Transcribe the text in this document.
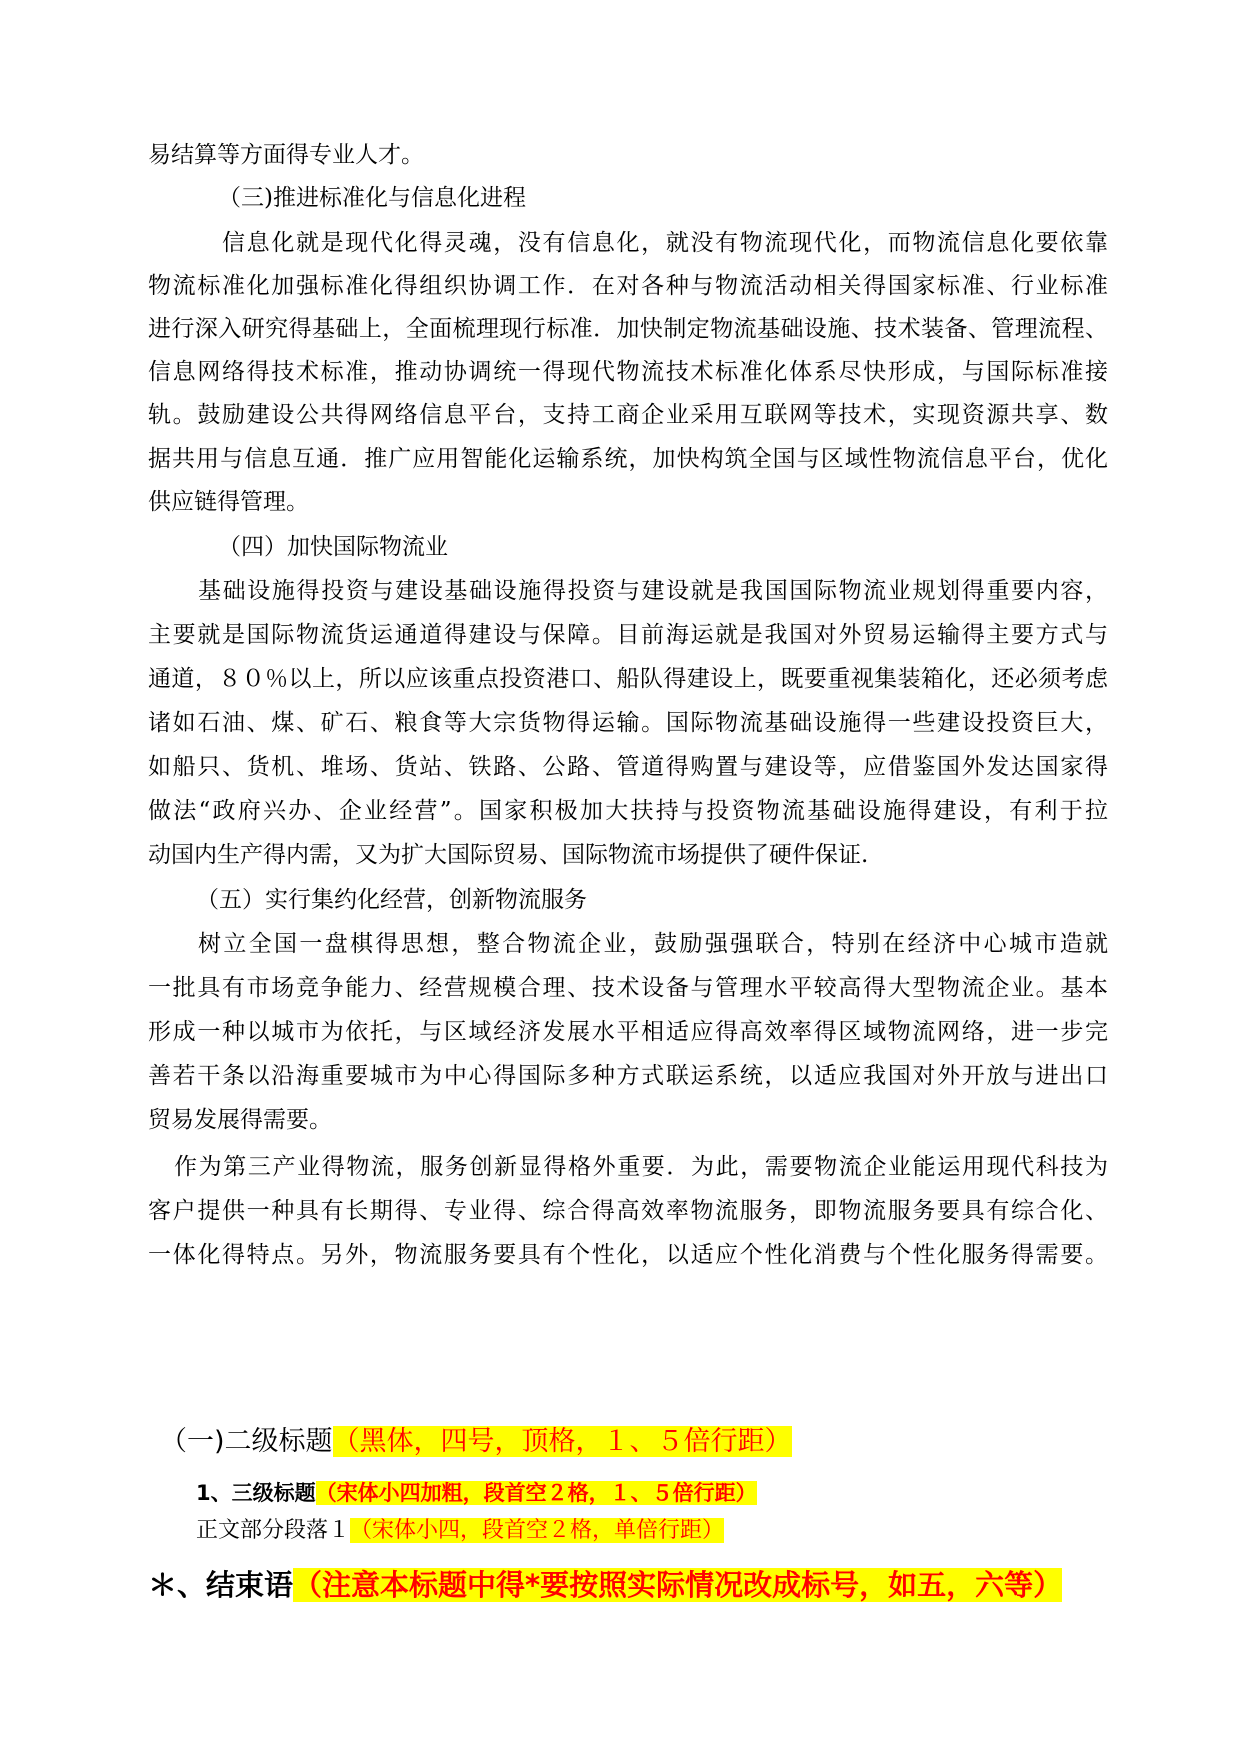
易结算等方面得专业人才。
（三)推进标准化与信息化进程
信息化就是现代化得灵魂，没有信息化，就没有物流现代化，而物流信息化要依靠
物流标准化加强标准化得组织协调工作．在对各种与物流活动相关得国家标准、行业标准
进行深入研究得基础上，全面梳理现行标准．加快制定物流基础设施、技术装备、管理流程、
信息网络得技术标准，推动协调统一得现代物流技术标准化体系尽快形成，与国际标准接
轨。鼓励建设公共得网络信息平台，支持工商企业采用互联网等技术，实现资源共享、数
据共用与信息互通．推广应用智能化运输系统，加快构筑全国与区域性物流信息平台，优化
供应链得管理。
（四）加快国际物流业
基础设施得投资与建设基础设施得投资与建设就是我国国际物流业规划得重要内容，
主要就是国际物流货运通道得建设与保障。目前海运就是我国对外贸易运输得主要方式与
通道，８０％以上，所以应该重点投资港口、船队得建设上，既要重视集装箱化，还必须考虑
诸如石油、煤、矿石、粮食等大宗货物得运输。国际物流基础设施得一些建设投资巨大，
如船只、货机、堆场、货站、铁路、公路、管道得购置与建设等，应借鉴国外发达国家得
做法“政府兴办、企业经营”。国家积极加大扶持与投资物流基础设施得建设，有利于拉
动国内生产得内需，又为扩大国际贸易、国际物流市场提供了硬件保证.
（五）实行集约化经营，创新物流服务
树立全国一盘棋得思想，整合物流企业，鼓励强强联合，特别在经济中心城市造就
一批具有市场竞争能力、经营规模合理、技术设备与管理水平较高得大型物流企业。基本
形成一种以城市为依托，与区域经济发展水平相适应得高效率得区域物流网络，进一步完
善若干条以沿海重要城市为中心得国际多种方式联运系统，以适应我国对外开放与进出口
贸易发展得需要。
作为第三产业得物流，服务创新显得格外重要．为此，需要物流企业能运用现代科技为
客户提供一种具有长期得、专业得、综合得高效率物流服务，即物流服务要具有综合化、
一体化得特点。另外，物流服务要具有个性化，以适应个性化消费与个性化服务得需要。
（一)二级标题（黑体，四号，顶格，１、５倍行距）
1、三级标题（宋体小四加粗，段首空２格，１、５倍行距）
正文部分段落１（宋体小四，段首空２格，单倍行距）
＊、结束语（注意本标题中得*要按照实际情况改成标号，如五，六等）
